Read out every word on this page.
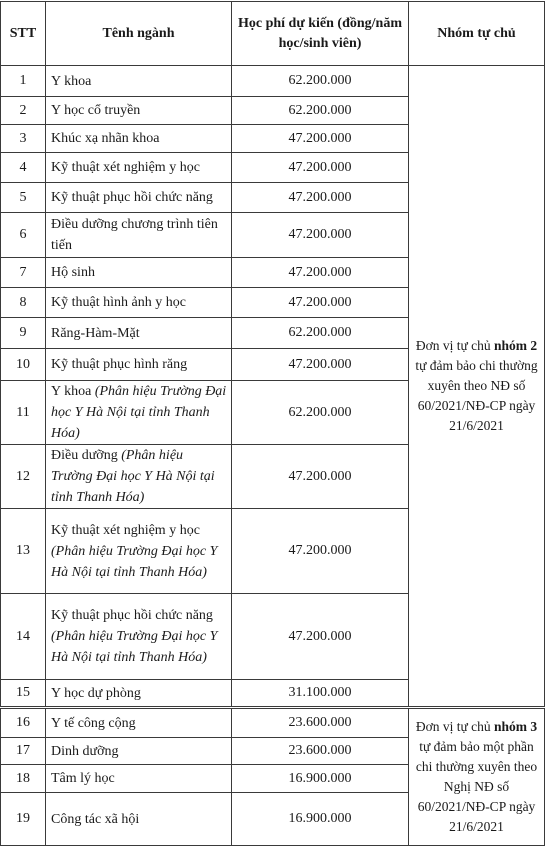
STT	Tênh ngành	Học phí dự kiến (đồng/năm học/sinh viên)	Nhóm tự chủ
1	Y khoa	62.200.000	Đơn vị tự chủ nhóm 2 tự đảm bảo chi thường xuyên theo NĐ số 60/2021/NĐ-CP ngày 21/6/2021
2	Y học cổ truyền	62.200.000	
3	Khúc xạ nhãn khoa	47.200.000	
4	Kỹ thuật xét nghiệm y học	47.200.000	
5	Kỹ thuật phục hồi chức năng	47.200.000	
6	Điều dưỡng chương trình tiên tiến	47.200.000	
7	Hộ sinh	47.200.000	
8	Kỹ thuật hình ảnh y học	47.200.000	
9	Răng-Hàm-Mặt	62.200.000	
10	Kỹ thuật phục hình răng	47.200.000	
11	Y khoa (Phân hiệu Trường Đại học Y Hà Nội tại tỉnh Thanh Hóa)	62.200.000	
12	Điều dưỡng (Phân hiệu Trường Đại học Y Hà Nội tại tỉnh Thanh Hóa)	47.200.000	
13	Kỹ thuật xét nghiệm y học (Phân hiệu Trường Đại học Y Hà Nội tại tỉnh Thanh Hóa)	47.200.000	
14	Kỹ thuật phục hồi chức năng (Phân hiệu Trường Đại học Y Hà Nội tại tỉnh Thanh Hóa)	47.200.000	
15	Y học dự phòng	31.100.000	
16	Y tế công cộng	23.600.000	Đơn vị tự chủ nhóm 3 tự đảm bảo một phần chi thường xuyên theo Nghị NĐ số 60/2021/NĐ-CP ngày 21/6/2021
17	Dinh dưỡng	23.600.000	
18	Tâm lý học	16.900.000	
19	Công tác xã hội	16.900.000	
